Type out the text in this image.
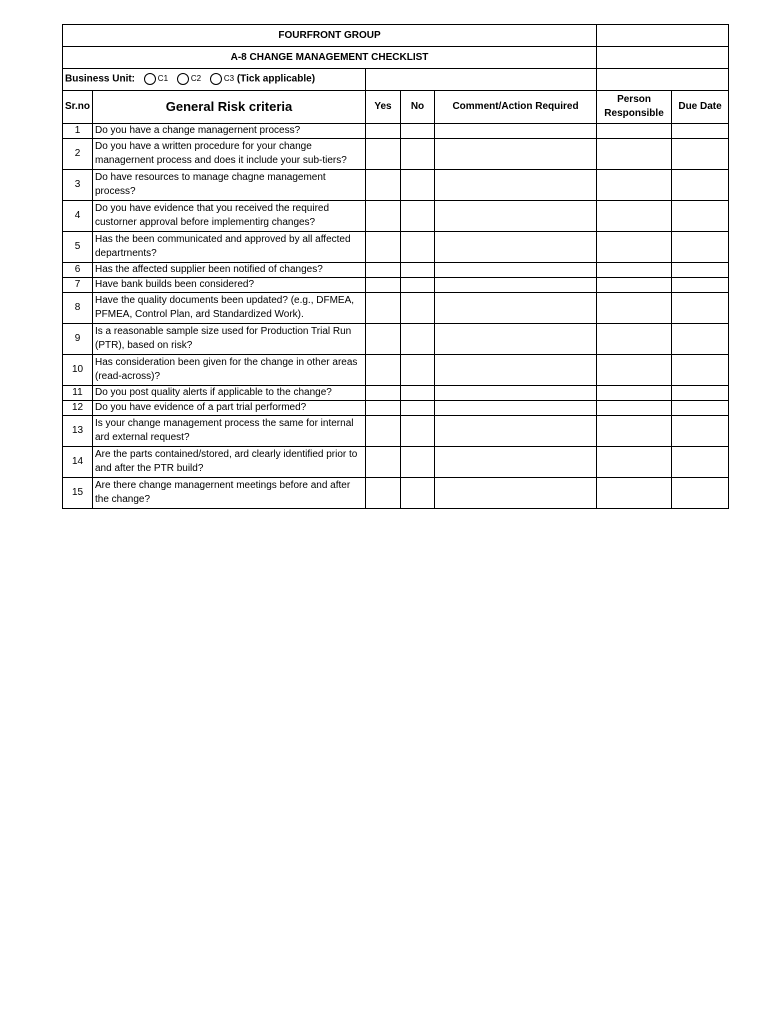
FOURFRONT GROUP						
A-8 CHANGE MANAGEMENT CHECKLIST						
Business Unit: C1 C2 C3 (Tick applicable)						
Sr.no	General Risk criteria	Yes	No	Comment/Action Required	Person Responsible	Due Date
1	Do you have a change managernent process?					
2	Do you have a written procedure for your change managernent process and does it include your sub-tiers?					
3	Do have resources to manage chagne management process?					
4	Do you have evidence that you received the required custorner approval before implementirg changes?					
5	Has the been communicated and approved by all affected departrnents?					
6	Has the affected supplier been notified of changes?					
7	Have bank builds been considered?					
8	Have the quality documents been updated? (e.g., DFMEA, PFMEA, Control Plan, ard Standardized Work).					
9	Is a reasonable sample size used for Production Trial Run (PTR), based on risk?					
10	Has consideration been given for the change in other areas (read-across)?					
11	Do you post quality alerts if applicable to the change?					
12	Do you have evidence of a part trial performed?					
13	Is your change management process the same for internal ard external request?					
14	Are the parts contained/stored, ard clearly identified prior to and after the PTR build?					
15	Are there change managernent meetings before and after the change?					
